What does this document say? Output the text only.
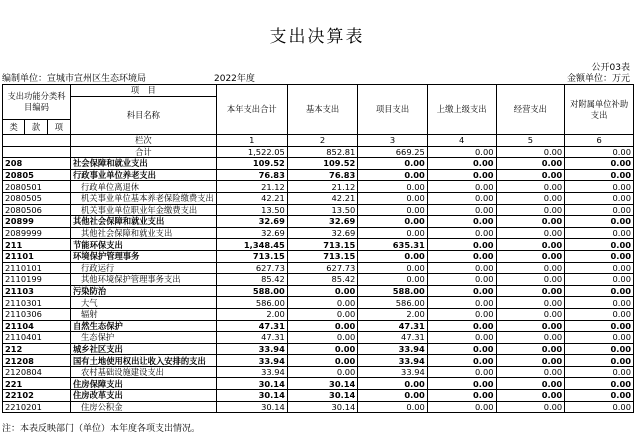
支出决算表
公开03表
编制单位：宣城市宣州区生态环境局	2022年度	金额单位：万元
支出功能分类科目编码			项　目	本年支出合计	基本支出	项目支出	上缴上级支出	经营支出	对附属单位补助支出
			科目名称						
类	款	项							
			栏次	1	2	3	4	5	6
			合计	1,522.05	852.81	669.25	0.00	0.00	0.00
208			社会保障和就业支出	109.52	109.52	0.00	0.00	0.00	0.00
20805			行政事业单位养老支出	76.83	76.83	0.00	0.00	0.00	0.00
2080501			行政单位离退休	21.12	21.12	0.00	0.00	0.00	0.00
2080505			机关事业单位基本养老保险缴费支出	42.21	42.21	0.00	0.00	0.00	0.00
2080506			机关事业单位职业年金缴费支出	13.50	13.50	0.00	0.00	0.00	0.00
20899			其他社会保障和就业支出	32.69	32.69	0.00	0.00	0.00	0.00
2089999			其他社会保障和就业支出	32.69	32.69	0.00	0.00	0.00	0.00
211			节能环保支出	1,348.45	713.15	635.31	0.00	0.00	0.00
21101			环境保护管理事务	713.15	713.15	0.00	0.00	0.00	0.00
2110101			行政运行	627.73	627.73	0.00	0.00	0.00	0.00
2110199			其他环境保护管理事务支出	85.42	85.42	0.00	0.00	0.00	0.00
21103			污染防治	588.00	0.00	588.00	0.00	0.00	0.00
2110301			大气	586.00	0.00	586.00	0.00	0.00	0.00
2110306			辐射	2.00	0.00	2.00	0.00	0.00	0.00
21104			自然生态保护	47.31	0.00	47.31	0.00	0.00	0.00
2110401			生态保护	47.31	0.00	47.31	0.00	0.00	0.00
212			城乡社区支出	33.94	0.00	33.94	0.00	0.00	0.00
21208			国有土地使用权出让收入安排的支出	33.94	0.00	33.94	0.00	0.00	0.00
2120804			农村基础设施建设支出	33.94	0.00	33.94	0.00	0.00	0.00
221			住房保障支出	30.14	30.14	0.00	0.00	0.00	0.00
22102			住房改革支出	30.14	30.14	0.00	0.00	0.00	0.00
2210201			住房公积金	30.14	30.14	0.00	0.00	0.00	0.00
注：本表反映部门（单位）本年度各项支出情况。
